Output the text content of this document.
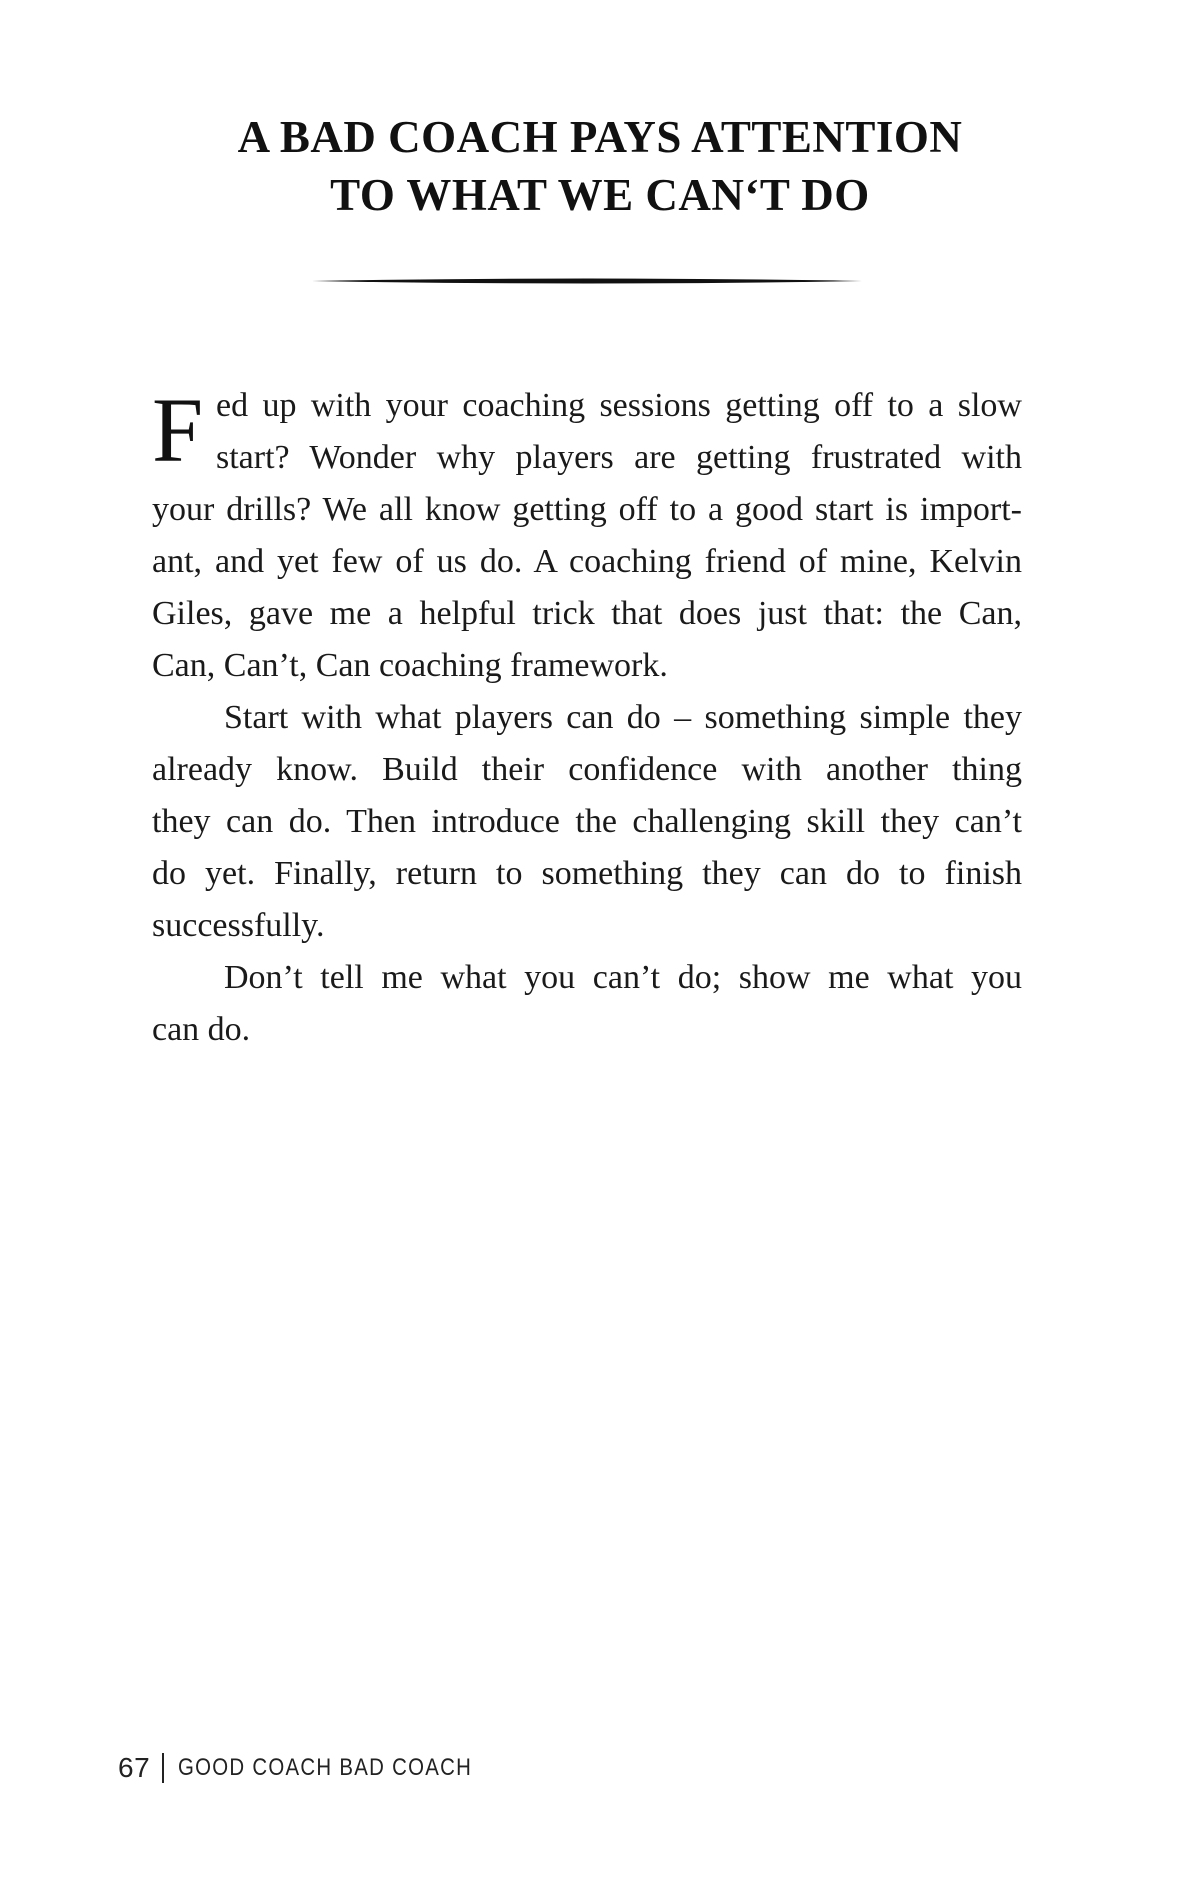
A BAD COACH PAYS ATTENTION
TO WHAT WE CAN‘T DO
F ed up with your coaching sessions getting off to a slow
start? Wonder why players are getting frustrated with
your drills? We all know getting off to a good start is import-
ant, and yet few of us do. A coaching friend of mine, Kelvin
Giles, gave me a helpful trick that does just that: the Can,
Can, Can’t, Can coaching framework.
Start with what players can do – something simple they
already know. Build their confidence with another thing
they can do. Then introduce the challenging skill they can’t
do yet. Finally, return to something they can do to finish
successfully.
Don’t tell me what you can’t do; show me what you
can do.
67 GOOD COACH BAD COACH
